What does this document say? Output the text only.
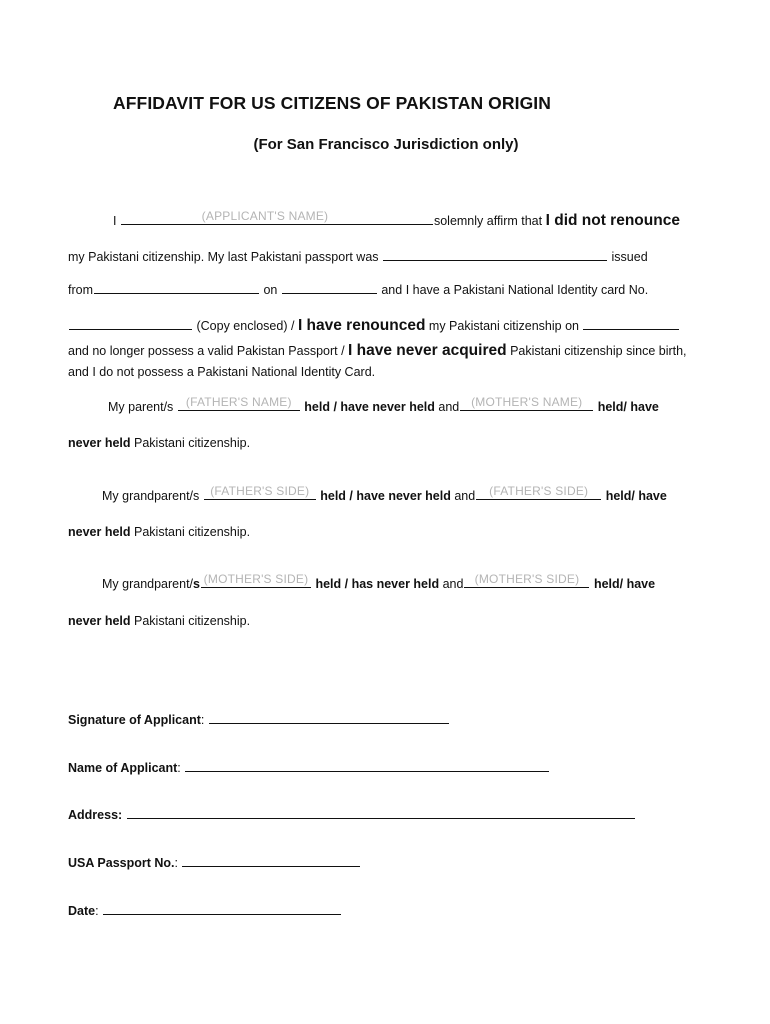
AFFIDAVIT FOR US CITIZENS OF PAKISTAN ORIGIN
(For San Francisco Jurisdiction only)
I	(APPLICANT'S NAME)	solemnly affirm that I did not renounce
my Pakistani citizenship. My last Pakistani passport was	issued
from	on	and I have a Pakistani National Identity card No.
(Copy enclosed) / I have renounced my Pakistani citizenship on
and no longer possess a valid Pakistan Passport / I have never acquired Pakistani citizenship since birth,
and I do not possess a Pakistani National Identity Card.
My parent/s	(FATHER'S NAME)	held / have never held and (MOTHER'S NAME)	held/ have
never held Pakistani citizenship.
My grandparent/s (FATHER'S SIDE) held / have never held and	(FATHER'S SIDE)	held/ have
never held Pakistani citizenship.
My grandparent/s (MOTHER'S SIDE) held / has never held and (MOTHER'S SIDE)	held/ have
never held Pakistani citizenship.
Signature of Applicant:
Name of Applicant:
Address:
USA Passport No.:
Date:
